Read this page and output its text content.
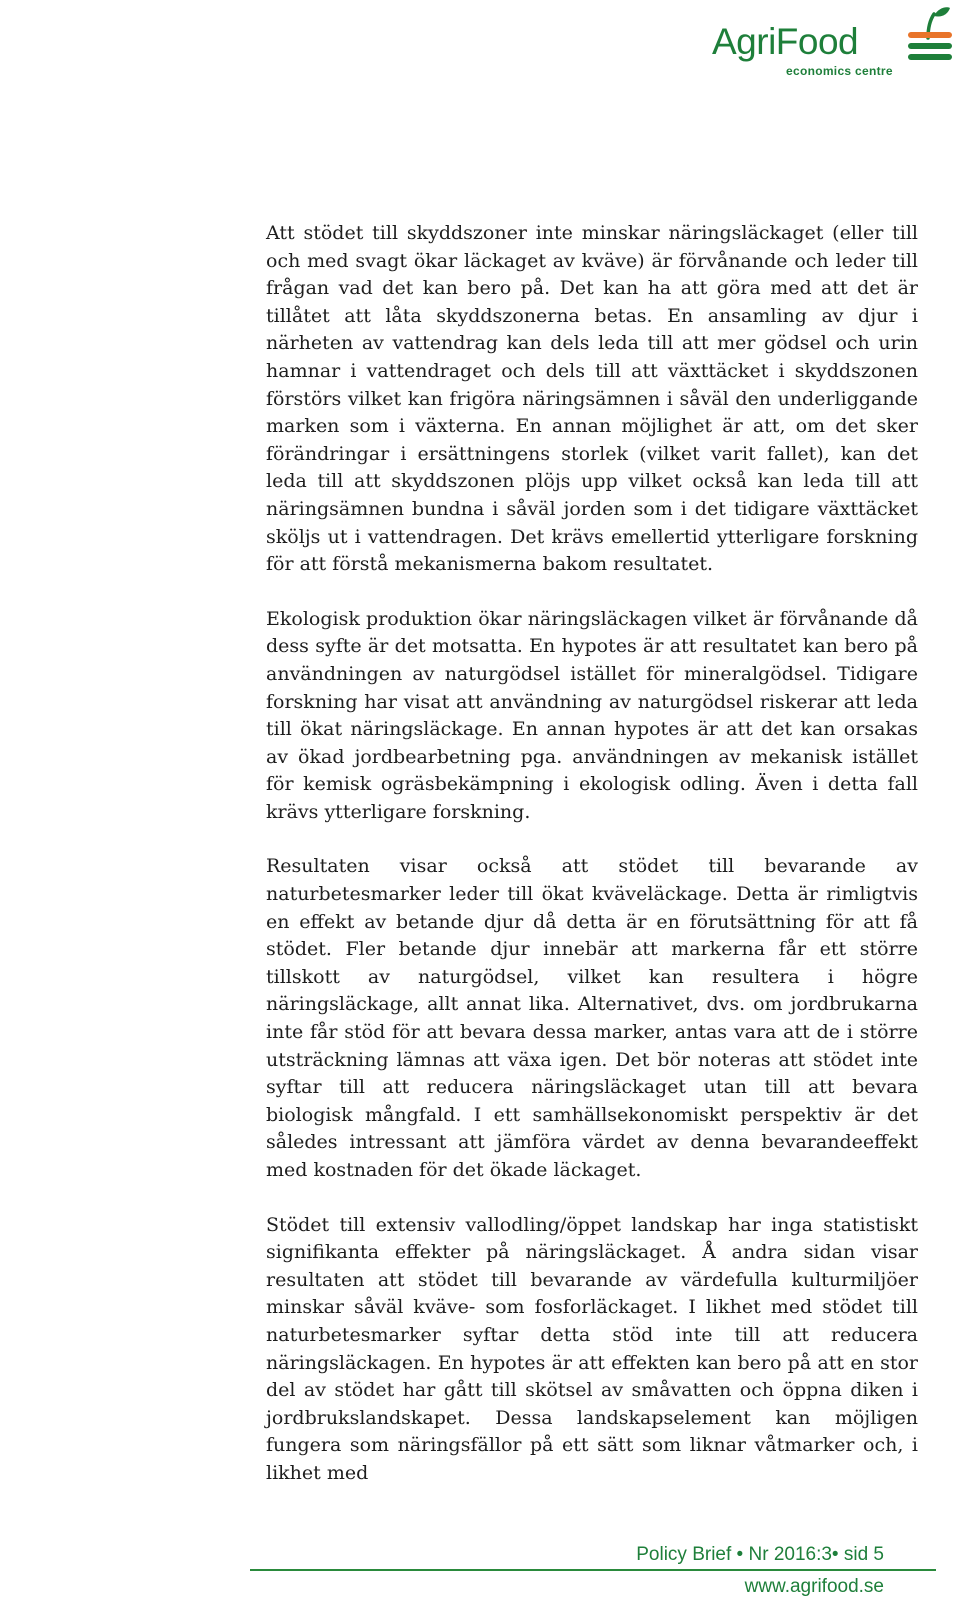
AgriFood
economics centre

Att stödet till skyddszoner inte minskar näringsläckaget (eller till och med svagt ökar läckaget av kväve) är förvånande och leder till frågan vad det kan bero på. Det kan ha att göra med att det är tillåtet att låta skyddszonerna betas. En ansamling av djur i närheten av vattendrag kan dels leda till att mer gödsel och urin hamnar i vattendraget och dels till att växttäcket i skyddszonen förstörs vilket kan frigöra näringsämnen i såväl den underliggande marken som i växterna. En annan möjlighet är att, om det sker förändringar i ersättningens storlek (vilket varit fallet), kan det leda till att skyddszonen plöjs upp vilket också kan leda till att näringsämnen bundna i såväl jorden som i det tidigare växttäcket sköljs ut i vattendragen. Det krävs emellertid ytterligare forskning för att förstå mekanismerna bakom resultatet.

Ekologisk produktion ökar näringsläckagen vilket är förvånande då dess syfte är det motsatta. En hypotes är att resultatet kan bero på användningen av naturgödsel istället för mineralgödsel. Tidigare forskning har visat att användning av naturgödsel riskerar att leda till ökat näringsläckage. En annan hypotes är att det kan orsakas av ökad jordbearbetning pga. användningen av mekanisk istället för kemisk ogräsbekämpning i ekologisk odling. Även i detta fall krävs ytterligare forskning.

Resultaten visar också att stödet till bevarande av naturbetesmarker leder till ökat kväveläckage. Detta är rimligtvis en effekt av betande djur då detta är en förutsättning för att få stödet. Fler betande djur innebär att markerna får ett större tillskott av naturgödsel, vilket kan resultera i högre näringsläckage, allt annat lika. Alternativet, dvs. om jordbrukarna inte får stöd för att bevara dessa marker, antas vara att de i större utsträckning lämnas att växa igen. Det bör noteras att stödet inte syftar till att reducera näringsläckaget utan till att bevara biologisk mångfald. I ett samhällsekonomiskt perspektiv är det således intressant att jämföra värdet av denna bevarandeeffekt med kostnaden för det ökade läckaget.

Stödet till extensiv vallodling/öppet landskap har inga statistiskt signifikanta effekter på näringsläckaget. Å andra sidan visar resultaten att stödet till bevarande av värdefulla kulturmiljöer minskar såväl kväve- som fosforläckaget. I likhet med stödet till naturbetesmarker syftar detta stöd inte till att reducera näringsläckagen. En hypotes är att effekten kan bero på att en stor del av stödet har gått till skötsel av småvatten och öppna diken i jordbrukslandskapet. Dessa landskapselement kan möjligen fungera som näringsfällor på ett sätt som liknar våtmarker och, i likhet med

Policy Brief • Nr 2016:3• sid 5
www.agrifood.se
